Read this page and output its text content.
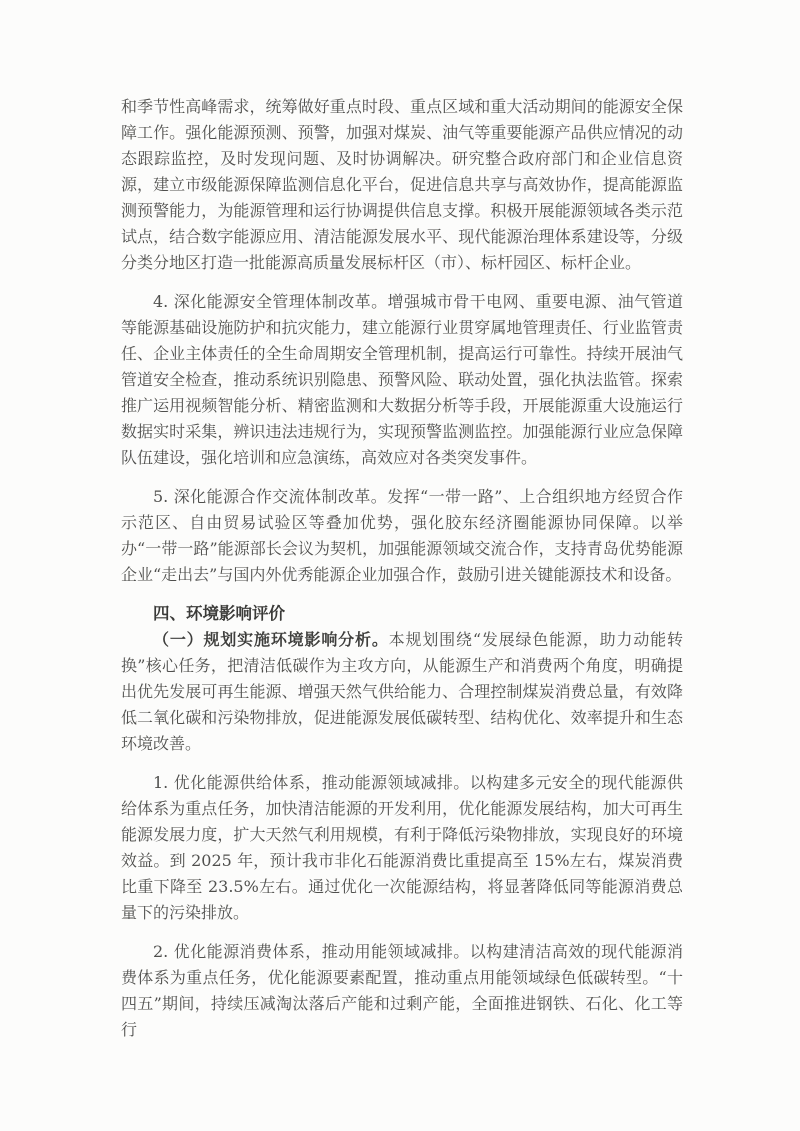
和季节性高峰需求，统筹做好重点时段、重点区域和重大活动期间的能源安全保障工作。强化能源预测、预警，加强对煤炭、油气等重要能源产品供应情况的动态跟踪监控，及时发现问题、及时协调解决。研究整合政府部门和企业信息资源，建立市级能源保障监测信息化平台，促进信息共享与高效协作，提高能源监测预警能力，为能源管理和运行协调提供信息支撑。积极开展能源领域各类示范试点，结合数字能源应用、清洁能源发展水平、现代能源治理体系建设等，分级分类分地区打造一批能源高质量发展标杆区（市）、标杆园区、标杆企业。

4. 深化能源安全管理体制改革。增强城市骨干电网、重要电源、油气管道等能源基础设施防护和抗灾能力，建立能源行业贯穿属地管理责任、行业监管责任、企业主体责任的全生命周期安全管理机制，提高运行可靠性。持续开展油气管道安全检查，推动系统识别隐患、预警风险、联动处置，强化执法监管。探索推广运用视频智能分析、精密监测和大数据分析等手段，开展能源重大设施运行数据实时采集，辨识违法违规行为，实现预警监测监控。加强能源行业应急保障队伍建设，强化培训和应急演练，高效应对各类突发事件。

5. 深化能源合作交流体制改革。发挥“一带一路”、上合组织地方经贸合作示范区、自由贸易试验区等叠加优势，强化胶东经济圈能源协同保障。以举办“一带一路”能源部长会议为契机，加强能源领域交流合作，支持青岛优势能源企业“走出去”与国内外优秀能源企业加强合作，鼓励引进关键能源技术和设备。

四、环境影响评价

（一）规划实施环境影响分析。本规划围绕“发展绿色能源，助力动能转换”核心任务，把清洁低碳作为主攻方向，从能源生产和消费两个角度，明确提出优先发展可再生能源、增强天然气供给能力、合理控制煤炭消费总量，有效降低二氧化碳和污染物排放，促进能源发展低碳转型、结构优化、效率提升和生态环境改善。

1. 优化能源供给体系，推动能源领域减排。以构建多元安全的现代能源供给体系为重点任务，加快清洁能源的开发利用，优化能源发展结构，加大可再生能源发展力度，扩大天然气利用规模，有利于降低污染物排放，实现良好的环境效益。到 2025 年，预计我市非化石能源消费比重提高至 15%左右，煤炭消费比重下降至 23.5%左右。通过优化一次能源结构，将显著降低同等能源消费总量下的污染排放。

2. 优化能源消费体系，推动用能领域减排。以构建清洁高效的现代能源消费体系为重点任务，优化能源要素配置，推动重点用能领域绿色低碳转型。“十四五”期间，持续压减淘汰落后产能和过剩产能，全面推进钢铁、石化、化工等行
